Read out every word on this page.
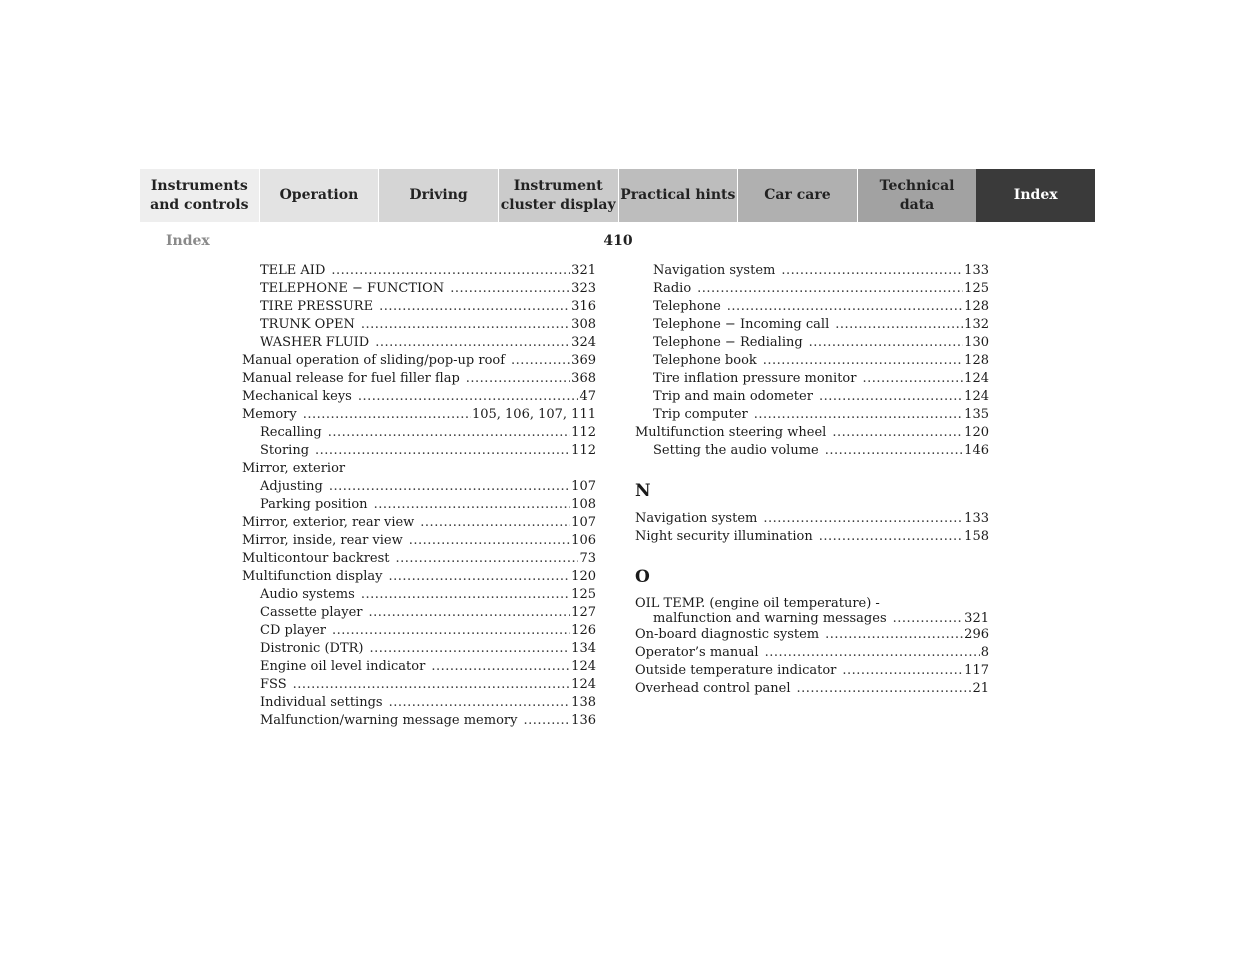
Instruments
and controls
Operation	Driving
Instrument
cluster display
Practical hints	Car care
Technical
data
Index
Index	410
TELE AID .....	321
TELEPHONE − FUNCTION .....	323
TIRE PRESSURE .....	316
TRUNK OPEN .....	308
WASHER FLUID .....	324
Manual operation of sliding/pop-up roof .....	369
Manual release for fuel filler flap .....	368
Mechanical keys .....	47
Memory .....	105, 106, 107, 111
Recalling .....	112
Storing .....	112
Mirror, exterior
Adjusting .....	107
Parking position .....	108
Mirror, exterior, rear view .....	107
Mirror, inside, rear view .....	106
Multicontour backrest .....	73
Multifunction display .....	120
Audio systems .....	125
Cassette player .....	127
CD player .....	126
Distronic (DTR) .....	134
Engine oil level indicator .....	124
FSS .....	124
Individual settings .....	138
Malfunction/warning message memory .....	136
Navigation system .....	133
Radio .....	125
Telephone .....	128
Telephone − Incoming call .....	132
Telephone − Redialing .....	130
Telephone book .....	128
Tire inflation pressure monitor .....	124
Trip and main odometer .....	124
Trip computer .....	135
Multifunction steering wheel .....	120
Setting the audio volume .....	146
N
Navigation system .....	133
Night security illumination .....	158
O
OIL TEMP. (engine oil temperature) -
malfunction and warning messages .....	321
On-board diagnostic system .....	296
Operator’s manual .....	8
Outside temperature indicator .....	117
Overhead control panel .....	21
